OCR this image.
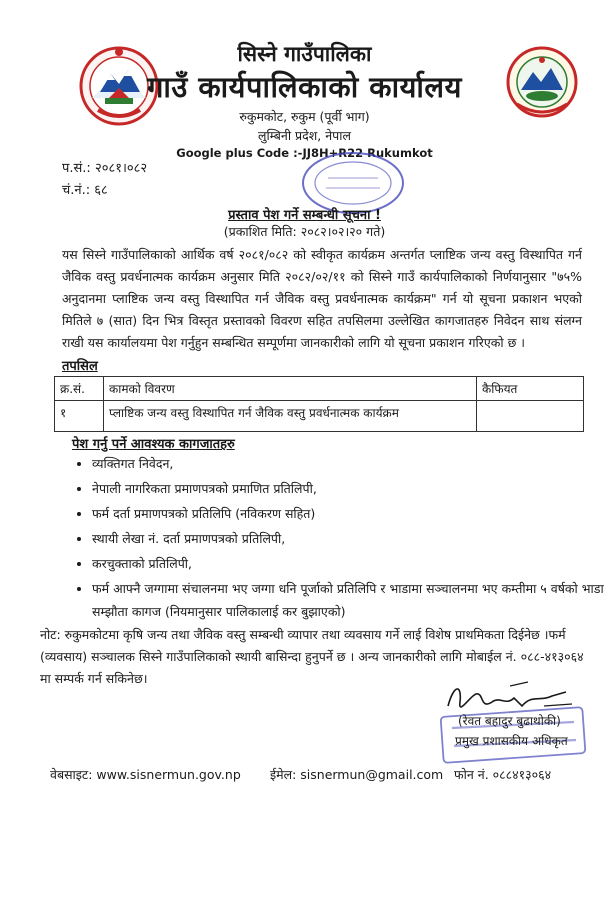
सिस्ने गाउँपालिका
गाउँ कार्यपालिकाको कार्यालय
रुकुमकोट, रुकुम (पूर्वी भाग)
लुम्बिनी प्रदेश, नेपाल
Google plus Code :-JJ8H+R22 Rukumkot
प.सं.: २०८१।०८२
चं.नं.: ६८
प्रस्ताव पेश गर्ने सम्बन्धी सूचना !
(प्रकाशित मिति: २०८२।०२।२० गते)
यस सिस्ने गाउँपालिकाको आर्थिक वर्ष २०८१/०८२ को स्वीकृत कार्यक्रम अन्तर्गत प्लाष्टिक जन्य वस्तु विस्थापित गर्न जैविक वस्तु प्रवर्धनात्मक कार्यक्रम अनुसार मिति २०८२/०२/११ को सिस्ने गाउँ कार्यपालिकाको निर्णयानुसार "७५% अनुदानमा प्लाष्टिक जन्य वस्तु विस्थापित गर्न जैविक वस्तु प्रवर्धनात्मक कार्यक्रम" गर्न यो सूचना प्रकाशन भएको मितिले ७ (सात) दिन भित्र विस्तृत प्रस्तावको विवरण सहित तपसिलमा उल्लेखित कागजातहरु निवेदन साथ संलग्न राखी यस कार्यालयमा पेश गर्नुहुन सम्बन्धित सम्पूर्णमा जानकारीको लागि यो सूचना प्रकाशन गरिएको छ ।
तपसिल
क्र.सं.	कामको विवरण	कैफियत
१	प्लाष्टिक जन्य वस्तु विस्थापित गर्न जैविक वस्तु प्रवर्धनात्मक कार्यक्रम	
पेश गर्नु पर्ने आवश्यक कागजातहरु
• व्यक्तिगत निवेदन,
• नेपाली नागरिकता प्रमाणपत्रको प्रमाणित प्रतिलिपी,
• फर्म दर्ता प्रमाणपत्रको प्रतिलिपि (नविकरण सहित)
• स्थायी लेखा नं. दर्ता प्रमाणपत्रको प्रतिलिपी,
• करचुक्ताको प्रतिलिपी,
• फर्म आफ्नै जग्गामा संचालनमा भए जग्गा धनि पूर्जाको प्रतिलिपि र भाडामा सञ्चालनमा भए कम्तीमा ५ वर्षको भाडा सम्झौता कागज (नियमानुसार पालिकालाई कर बुझाएको)
नोट: रुकुमकोटमा कृषि जन्य तथा जैविक वस्तु सम्बन्धी व्यापार तथा व्यवसाय गर्ने लाई विशेष प्राथमिकता दिईनेछ ।फर्म (व्यवसाय) सञ्चालक सिस्ने गाउँपालिकाको स्थायी बासिन्दा हुनुपर्ने छ । अन्य जानकारीको लागि मोबाईल नं. ०८८-४१३०६४ मा सम्पर्क गर्न सकिनेछ।
(रेवत बहादुर बुढाथोकी)
प्रमुख प्रशासकीय अधिकृत
वेबसाइट: www.sisnermun.gov.np ईमेल: sisnermun@gmail.com फोन नं. ०८८४१३०६४
